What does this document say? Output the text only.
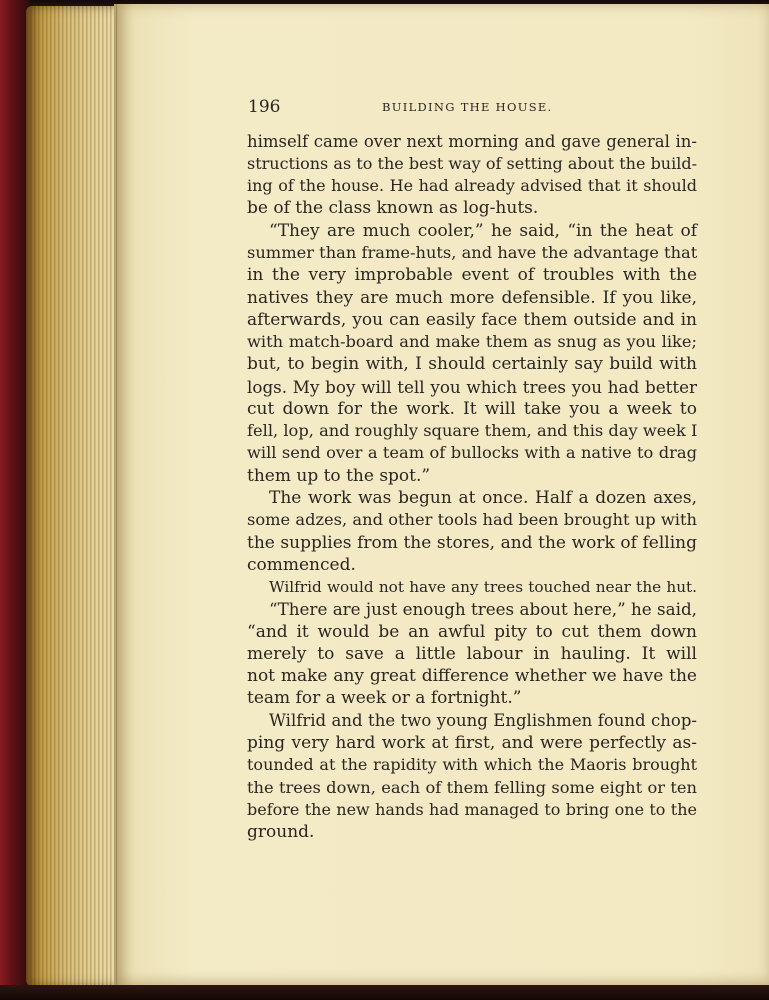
196	BUILDING THE HOUSE.
himself came over next morning and gave general in-
structions as to the best way of setting about the build-
ing of the house. He had already advised that it should
be of the class known as log-huts.
“They are much cooler,” he said, “in the heat of
summer than frame-huts, and have the advantage that
in the very improbable event of troubles with the
natives they are much more defensible. If you like,
afterwards, you can easily face them outside and in
with match-board and make them as snug as you like;
but, to begin with, I should certainly say build with
logs. My boy will tell you which trees you had better
cut down for the work. It will take you a week to
fell, lop, and roughly square them, and this day week I
will send over a team of bullocks with a native to drag
them up to the spot.”
The work was begun at once. Half a dozen axes,
some adzes, and other tools had been brought up with
the supplies from the stores, and the work of felling
commenced.
Wilfrid would not have any trees touched near the hut.
“There are just enough trees about here,” he said,
“and it would be an awful pity to cut them down
merely to save a little labour in hauling. It will
not make any great difference whether we have the
team for a week or a fortnight.”
Wilfrid and the two young Englishmen found chop-
ping very hard work at first, and were perfectly as-
tounded at the rapidity with which the Maoris brought
the trees down, each of them felling some eight or ten
before the new hands had managed to bring one to the
ground.
